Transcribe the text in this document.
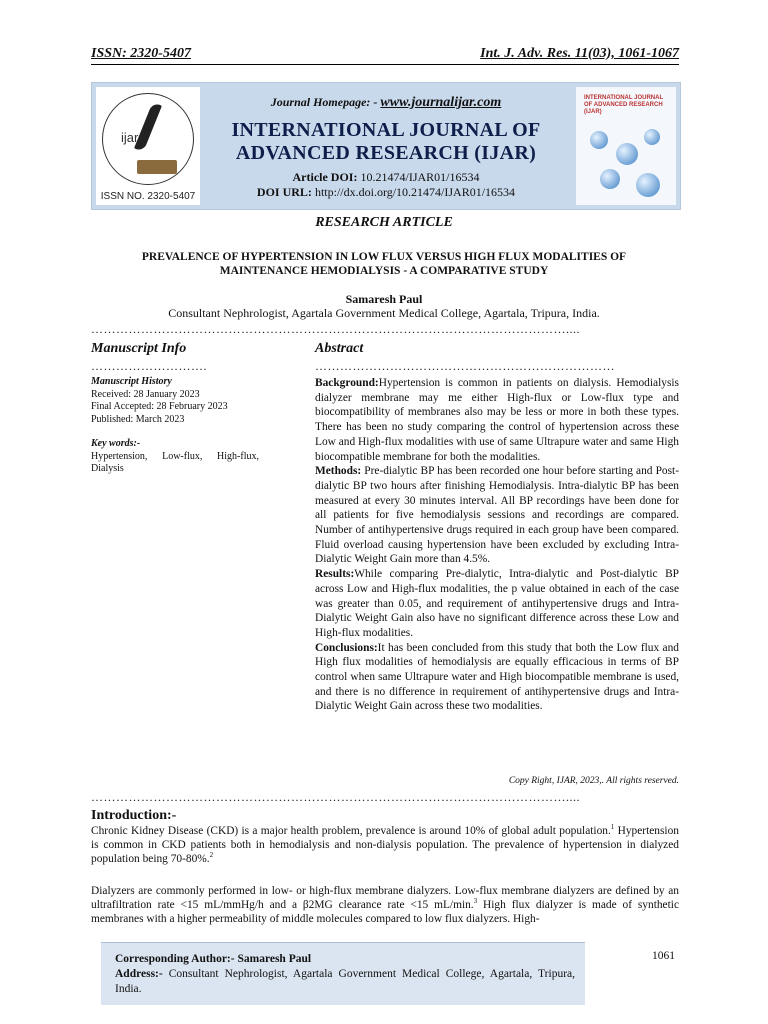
ISSN: 2320-5407	Int. J. Adv. Res. 11(03), 1061-1067
ijar
ISSN NO. 2320-5407
Journal Homepage: - www.journalijar.com
INTERNATIONAL JOURNAL OF ADVANCED RESEARCH (IJAR)
Article DOI: 10.21474/IJAR01/16534
DOI URL: http://dx.doi.org/10.21474/IJAR01/16534
INTERNATIONAL JOURNAL OF ADVANCED RESEARCH (IJAR)
RESEARCH ARTICLE
PREVALENCE OF HYPERTENSION IN LOW FLUX VERSUS HIGH FLUX MODALITIES OF MAINTENANCE HEMODIALYSIS - A COMPARATIVE STUDY
Samaresh Paul
Consultant Nephrologist, Agartala Government Medical College, Agartala, Tripura, India.
……………………………………………………………………………………………………....
Manuscript Info
……………………….
Manuscript History
Received: 28 January 2023
Final Accepted: 28 February 2023
Published: March 2023
Key words:-
Hypertension, Low-flux, High-flux, Dialysis
Abstract
………………………………………………………………

Background:Hypertension is common in patients on dialysis. Hemodialysis dialyzer membrane may me either High-flux or Low-flux type and biocompatibility of membranes also may be less or more in both these types. There has been no study comparing the control of hypertension across these Low and High-flux modalities with use of same Ultrapure water and same High biocompatible membrane for both the modalities.

Methods: Pre-dialytic BP has been recorded one hour before starting and Post-dialytic BP two hours after finishing Hemodialysis. Intra-dialytic BP has been measured at every 30 minutes interval. All BP recordings have been done for all patients for five hemodialysis sessions and recordings are compared. Number of antihypertensive drugs required in each group have been compared. Fluid overload causing hypertension have been excluded by excluding Intra-Dialytic Weight Gain more than 4.5%.

Results:While comparing Pre-dialytic, Intra-dialytic and Post-dialytic BP across Low and High-flux modalities, the p value obtained in each of the case was greater than 0.05, and requirement of antihypertensive drugs and Intra-Dialytic Weight Gain also have no significant difference across these Low and High-flux modalities.

Conclusions:It has been concluded from this study that both the Low flux and High flux modalities of hemodialysis are equally efficacious in terms of BP control when same Ultrapure water and High biocompatible membrane is used, and there is no difference in requirement of antihypertensive drugs and Intra-Dialytic Weight Gain across these two modalities.

Copy Right, IJAR, 2023,. All rights reserved.
……………………………………………………………………………………………………....
Introduction:-

Chronic Kidney Disease (CKD) is a major health problem, prevalence is around 10% of global adult population.$^1$ Hypertension is common in CKD patients both in hemodialysis and non-dialysis population. The prevalence of hypertension in dialyzed population being 70-80%.$^2$

Dialyzers are commonly performed in low- or high-flux membrane dialyzers. Low-flux membrane dialyzers are defined by an ultrafiltration rate <15 mL/mmHg/h and a β2MG clearance rate <15 mL/min.$^3$ High flux dialyzer is made of synthetic membranes with a higher permeability of middle molecules compared to low flux dialyzers. High-

Corresponding Author:- Samaresh Paul
Address:- Consultant Nephrologist, Agartala Government Medical College, Agartala, Tripura, India.
1061
